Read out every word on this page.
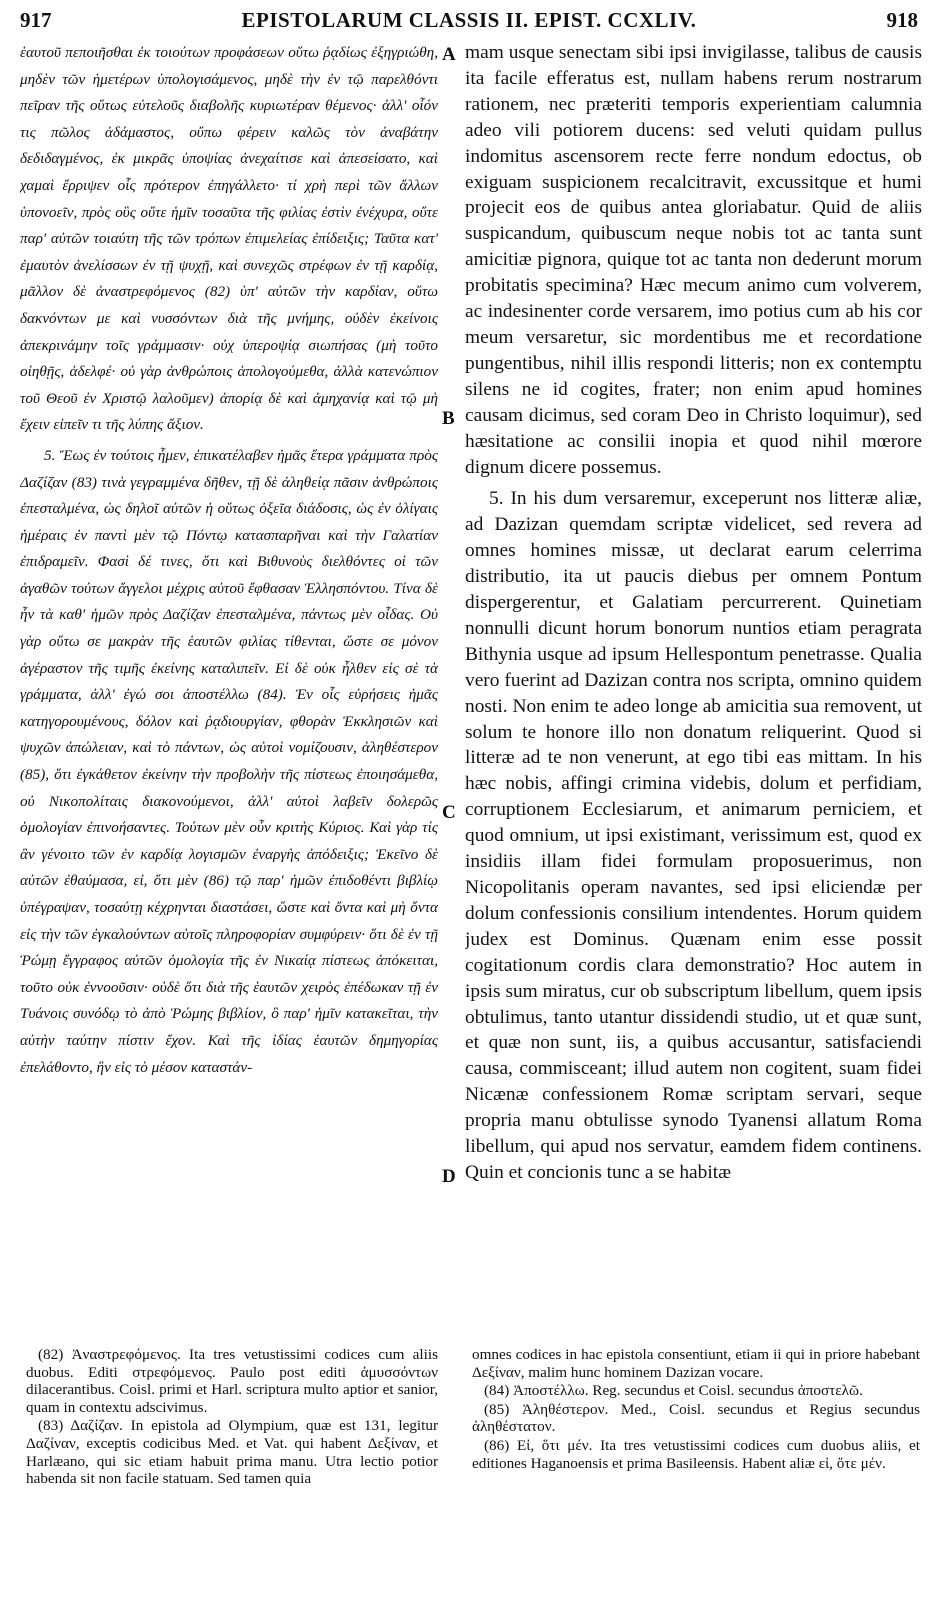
917	EPISTOLARUM CLASSIS II. EPIST. CCXLIV.	918

ἑαυτοῦ πεποιῆσθαι ἐκ τοιούτων προφάσεων οὕτω ῥᾳδίως ἐξηγριώθη, μηδὲν τῶν ἡμετέρων ὑπολογισάμενος, μηδὲ τὴν ἐν τῷ παρελθόντι πεῖραν τῆς οὕτως εὐτελοῦς διαβολῆς κυριωτέραν θέμενος· ἀλλ' οἷόν τις πῶλος ἀδάμαστος, οὔπω φέρειν καλῶς τὸν ἀναβάτην δεδιδαγμένος, ἐκ μικρᾶς ὑποψίας ἀνεχαίτισε καὶ ἀπεσείσατο, καὶ χαμαὶ ἔρριψεν οἷς πρότερον ἐπηγάλλετο· τί χρὴ περὶ τῶν ἄλλων ὑπονοεῖν, πρὸς οὓς οὔτε ἡμῖν τοσαῦτα τῆς φιλίας ἐστὶν ἐνέχυρα, οὔτε παρ' αὐτῶν τοιαύτη τῆς τῶν τρόπων ἐπιμελείας ἐπίδειξις; Ταῦτα κατ' ἐμαυτὸν ἀνελίσσων ἐν τῇ ψυχῇ, καὶ συνεχῶς στρέφων ἐν τῇ καρδίᾳ, μᾶλλον δὲ ἀναστρεφόμενος (82) ὑπ' αὐτῶν τὴν καρδίαν, οὕτω δακνόντων με καὶ νυσσόντων διὰ τῆς μνήμης, οὐδὲν ἐκείνοις ἀπεκρινάμην τοῖς γράμμασιν· οὐχ ὑπεροψίᾳ σιωπήσας (μὴ τοῦτο οἰηθῇς, ἀδελφέ· οὐ γὰρ ἀνθρώποις ἀπολογούμεθα, ἀλλὰ κατενώπιον τοῦ Θεοῦ ἐν Χριστῷ λαλοῦμεν) ἀπορίᾳ δὲ καὶ ἀμηχανίᾳ καὶ τῷ μὴ ἔχειν εἰπεῖν τι τῆς λύπης ἄξιον.

5. Ἕως ἐν τούτοις ἦμεν, ἐπικατέλαβεν ἡμᾶς ἕτερα γράμματα πρὸς Δαζίζαν (83) τινὰ γεγραμμένα δῆθεν, τῇ δὲ ἀληθείᾳ πᾶσιν ἀνθρώποις ἐπεσταλμένα, ὡς δηλοῖ αὐτῶν ἡ οὕτως ὀξεῖα διάδοσις, ὡς ἐν ὀλίγαις ἡμέραις ἐν παντὶ μὲν τῷ Πόντῳ κατασπαρῆναι καὶ τὴν Γαλατίαν ἐπιδραμεῖν. Φασὶ δέ τινες, ὅτι καὶ Βιθυνοὺς διελθόντες οἱ τῶν ἀγαθῶν τούτων ἄγγελοι μέχρις αὐτοῦ ἔφθασαν Ἑλλησπόντου. Τίνα δὲ ἦν τὰ καθ' ἡμῶν πρὸς Δαζίζαν ἐπεσταλμένα, πάντως μὲν οἶδας. Οὐ γὰρ οὕτω σε μακρὰν τῆς ἑαυτῶν φιλίας τίθενται, ὥστε σε μόνον ἀγέραστον τῆς τιμῆς ἐκείνης καταλιπεῖν. Εἰ δὲ οὐκ ἦλθεν εἰς σὲ τὰ γράμματα, ἀλλ' ἐγώ σοι ἀποστέλλω (84). Ἐν οἷς εὑρήσεις ἡμᾶς κατηγορουμένους, δόλον καὶ ῥᾳδιουργίαν, φθορὰν Ἐκκλησιῶν καὶ ψυχῶν ἀπώλειαν, καὶ τὸ πάντων, ὡς αὐτοὶ νομίζουσιν, ἀληθέστερον (85), ὅτι ἐγκάθετον ἐκείνην τὴν προβολὴν τῆς πίστεως ἐποιησάμεθα, οὐ Νικοπολίταις διακονούμενοι, ἀλλ' αὐτοὶ λαβεῖν δολερῶς ὁμολογίαν ἐπινοήσαντες. Τούτων μὲν οὖν κριτὴς Κύριος. Καὶ γὰρ τίς ἂν γένοιτο τῶν ἐν καρδίᾳ λογισμῶν ἐναργὴς ἀπόδειξις; Ἐκεῖνο δὲ αὐτῶν ἐθαύμασα, εἰ, ὅτι μὲν (86) τῷ παρ' ἡμῶν ἐπιδοθέντι βιβλίῳ ὑπέγραψαν, τοσαύτῃ κέχρηνται διαστάσει, ὥστε καὶ ὄντα καὶ μὴ ὄντα εἰς τὴν τῶν ἐγκαλούντων αὐτοῖς πληροφορίαν συμφύρειν· ὅτι δὲ ἐν τῇ Ῥώμῃ ἔγγραφος αὐτῶν ὁμολογία τῆς ἐν Νικαίᾳ πίστεως ἀπόκειται, τοῦτο οὐκ ἐννοοῦσιν· οὐδὲ ὅτι διὰ τῆς ἑαυτῶν χειρὸς ἐπέδωκαν τῇ ἐν Τυάνοις συνόδῳ τὸ ἀπὸ Ῥώμης βιβλίον, ὃ παρ' ἡμῖν κατακεῖται, τὴν αὐτὴν ταύτην πίστιν ἔχον. Καὶ τῆς ἰδίας ἑαυτῶν δημηγορίας ἐπελάθοντο, ἣν εἰς τὸ μέσον καταστάν-

A
B
C
D

mam usque senectam sibi ipsi invigilasse, talibus de causis ita facile efferatus est, nullam habens rerum nostrarum rationem, nec præteriti temporis experientiam calumnia adeo vili potiorem ducens: sed veluti quidam pullus indomitus ascensorem recte ferre nondum edoctus, ob exiguam suspicionem recalcitravit, excussitque et humi projecit eos de quibus antea gloriabatur. Quid de aliis suspicandum, quibuscum neque nobis tot ac tanta sunt amicitiæ pignora, quique tot ac tanta non dederunt morum probitatis specimina? Hæc mecum animo cum volverem, ac indesinenter corde versarem, imo potius cum ab his cor meum versaretur, sic mordentibus me et recordatione pungentibus, nihil illis respondi litteris; non ex contemptu silens ne id cogites, frater; non enim apud homines causam dicimus, sed coram Deo in Christo loquimur), sed hæsitatione ac consilii inopia et quod nihil mœrore dignum dicere possemus.

5. In his dum versaremur, exceperunt nos litteræ aliæ, ad Dazizan quemdam scriptæ videlicet, sed revera ad omnes homines missæ, ut declarat earum celerrima distributio, ita ut paucis diebus per omnem Pontum dispergerentur, et Galatiam percurrerent. Quinetiam nonnulli dicunt horum bonorum nuntios etiam peragrata Bithynia usque ad ipsum Hellespontum penetrasse. Qualia vero fuerint ad Dazizan contra nos scripta, omnino quidem nosti. Non enim te adeo longe ab amicitia sua removent, ut solum te honore illo non donatum reliquerint. Quod si litteræ ad te non venerunt, at ego tibi eas mittam. In his hæc nobis, affingi crimina videbis, dolum et perfidiam, corruptionem Ecclesiarum, et animarum perniciem, et quod omnium, ut ipsi existimant, verissimum est, quod ex insidiis illam fidei formulam proposuerimus, non Nicopolitanis operam navantes, sed ipsi eliciendæ per dolum confessionis consilium intendentes. Horum quidem judex est Dominus. Quænam enim esse possit cogitationum cordis clara demonstratio? Hoc autem in ipsis sum miratus, cur ob subscriptum libellum, quem ipsis obtulimus, tanto utantur dissidendi studio, ut et quæ sunt, et quæ non sunt, iis, a quibus accusantur, satisfaciendi causa, commisceant; illud autem non cogitent, suam fidei Nicænæ confessionem Romæ scriptam servari, seque propria manu obtulisse synodo Tyanensi allatum Roma libellum, qui apud nos servatur, eamdem fidem continens. Quin et concionis tunc a se habitæ

(82) Ἀναστρεφόμενος. Ita tres vetustissimi codices cum aliis duobus. Editi στρεφόμενος. Paulo post editi ἀμυσσόντων dilacerantibus. Coisl. primi et Harl. scriptura multo aptior et sanior, quam in contextu adscivimus.

(83) Δαζίζαν. In epistola ad Olympium, quæ est 131, legitur Δαζίναν, exceptis codicibus Med. et Vat. qui habent Δεξίναν, et Harlæano, qui sic etiam habuit prima manu. Utra lectio potior habenda sit non facile statuam. Sed tamen quia

omnes codices in hac epistola consentiunt, etiam ii qui in priore habebant Δεξίναν, malim hunc hominem Dazizan vocare.

(84) Ἀποστέλλω. Reg. secundus et Coisl. secundus ἀποστελῶ.

(85) Ἀληθέστερον. Med., Coisl. secundus et Regius secundus ἀληθέστατον.

(86) Εἰ, ὅτι μέν. Ita tres vetustissimi codices cum duobus aliis, et editiones Haganoensis et prima Basileensis. Habent aliæ εἰ, ὅτε μέν.
